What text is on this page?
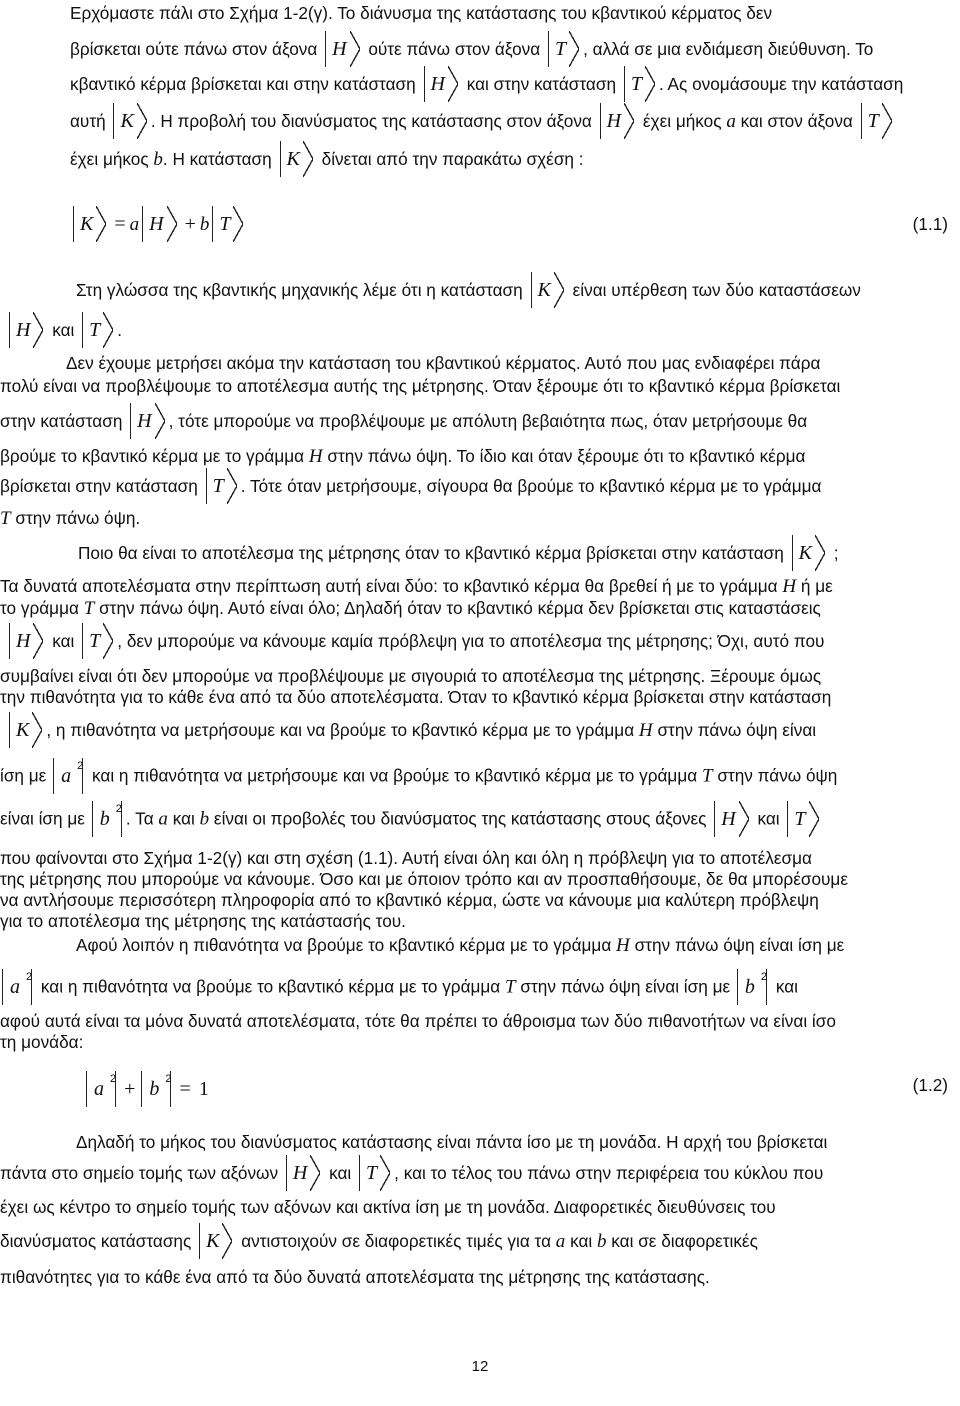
Ερχόμαστε πάλι στο Σχήμα 1-2(γ). Το διάνυσμα της κατάστασης του κβαντικού κέρματος δεν
βρίσκεται ούτε πάνω στον άξονα H ούτε πάνω στον άξονα T , αλλά σε μια ενδιάμεση διεύθυνση. Το
κβαντικό κέρμα βρίσκεται και στην κατάσταση H και στην κατάσταση T . Ας ονομάσουμε την κατάσταση
αυτή K . Η προβολή του διανύσματος της κατάστασης στον άξονα H έχει μήκος a και στον άξονα T
έχει μήκος b. Η κατάσταση K δίνεται από την παρακάτω σχέση :
K = a H + b T	(1.1)
Στη γλώσσα της κβαντικής μηχανικής λέμε ότι η κατάσταση K είναι υπέρθεση των δύο καταστάσεων
H και T .
Δεν έχουμε μετρήσει ακόμα την κατάσταση του κβαντικού κέρματος. Αυτό που μας ενδιαφέρει πάρα
πολύ είναι να προβλέψουμε το αποτέλεσμα αυτής της μέτρησης. Όταν ξέρουμε ότι το κβαντικό κέρμα βρίσκεται
στην κατάσταση H , τότε μπορούμε να προβλέψουμε με απόλυτη βεβαιότητα πως, όταν μετρήσουμε θα
βρούμε το κβαντικό κέρμα με το γράμμα H στην πάνω όψη. Το ίδιο και όταν ξέρουμε ότι το κβαντικό κέρμα
βρίσκεται στην κατάσταση T . Τότε όταν μετρήσουμε, σίγουρα θα βρούμε το κβαντικό κέρμα με το γράμμα
T στην πάνω όψη.
Ποιο θα είναι το αποτέλεσμα της μέτρησης όταν το κβαντικό κέρμα βρίσκεται στην κατάσταση K ;
Τα δυνατά αποτελέσματα στην περίπτωση αυτή είναι δύο: το κβαντικό κέρμα θα βρεθεί ή με το γράμμα H ή με
το γράμμα T στην πάνω όψη. Αυτό είναι όλο; Δηλαδή όταν το κβαντικό κέρμα δεν βρίσκεται στις καταστάσεις
H και T , δεν μπορούμε να κάνουμε καμία πρόβλεψη για το αποτέλεσμα της μέτρησης; Όχι, αυτό που
συμβαίνει είναι ότι δεν μπορούμε να προβλέψουμε με σιγουριά το αποτέλεσμα της μέτρησης. Ξέρουμε όμως
την πιθανότητα για το κάθε ένα από τα δύο αποτελέσματα. Όταν το κβαντικό κέρμα βρίσκεται στην κατάσταση
K , η πιθανότητα να μετρήσουμε και να βρούμε το κβαντικό κέρμα με το γράμμα H στην πάνω όψη είναι
ίση με a $^2$ και η πιθανότητα να μετρήσουμε και να βρούμε το κβαντικό κέρμα με το γράμμα T στην πάνω όψη
είναι ίση με b $^2$ . Τα a και b είναι οι προβολές του διανύσματος της κατάστασης στους άξονες H και T
που φαίνονται στο Σχήμα 1-2(γ) και στη σχέση (1.1). Αυτή είναι όλη και όλη η πρόβλεψη για το αποτέλεσμα
της μέτρησης που μπορούμε να κάνουμε. Όσο και με όποιον τρόπο και αν προσπαθήσουμε, δε θα μπορέσουμε
να αντλήσουμε περισσότερη πληροφορία από το κβαντικό κέρμα, ώστε να κάνουμε μια καλύτερη πρόβλεψη
για το αποτέλεσμα της μέτρησης της κατάστασής του.
Αφού λοιπόν η πιθανότητα να βρούμε το κβαντικό κέρμα με το γράμμα H στην πάνω όψη είναι ίση με
a $^2$ και η πιθανότητα να βρούμε το κβαντικό κέρμα με το γράμμα T στην πάνω όψη είναι ίση με b $^2$ και
αφού αυτά είναι τα μόνα δυνατά αποτελέσματα, τότε θα πρέπει το άθροισμα των δύο πιθανοτήτων να είναι ίσο
τη μονάδα:
a $^2$ + b $^2$ = 1	(1.2)
Δηλαδή το μήκος του διανύσματος κατάστασης είναι πάντα ίσο με τη μονάδα. Η αρχή του βρίσκεται
πάντα στο σημείο τομής των αξόνων H και T , και το τέλος του πάνω στην περιφέρεια του κύκλου που
έχει ως κέντρο το σημείο τομής των αξόνων και ακτίνα ίση με τη μονάδα. Διαφορετικές διευθύνσεις του
διανύσματος κατάστασης K αντιστοιχούν σε διαφορετικές τιμές για τα a και b και σε διαφορετικές
πιθανότητες για το κάθε ένα από τα δύο δυνατά αποτελέσματα της μέτρησης της κατάστασης.
12
